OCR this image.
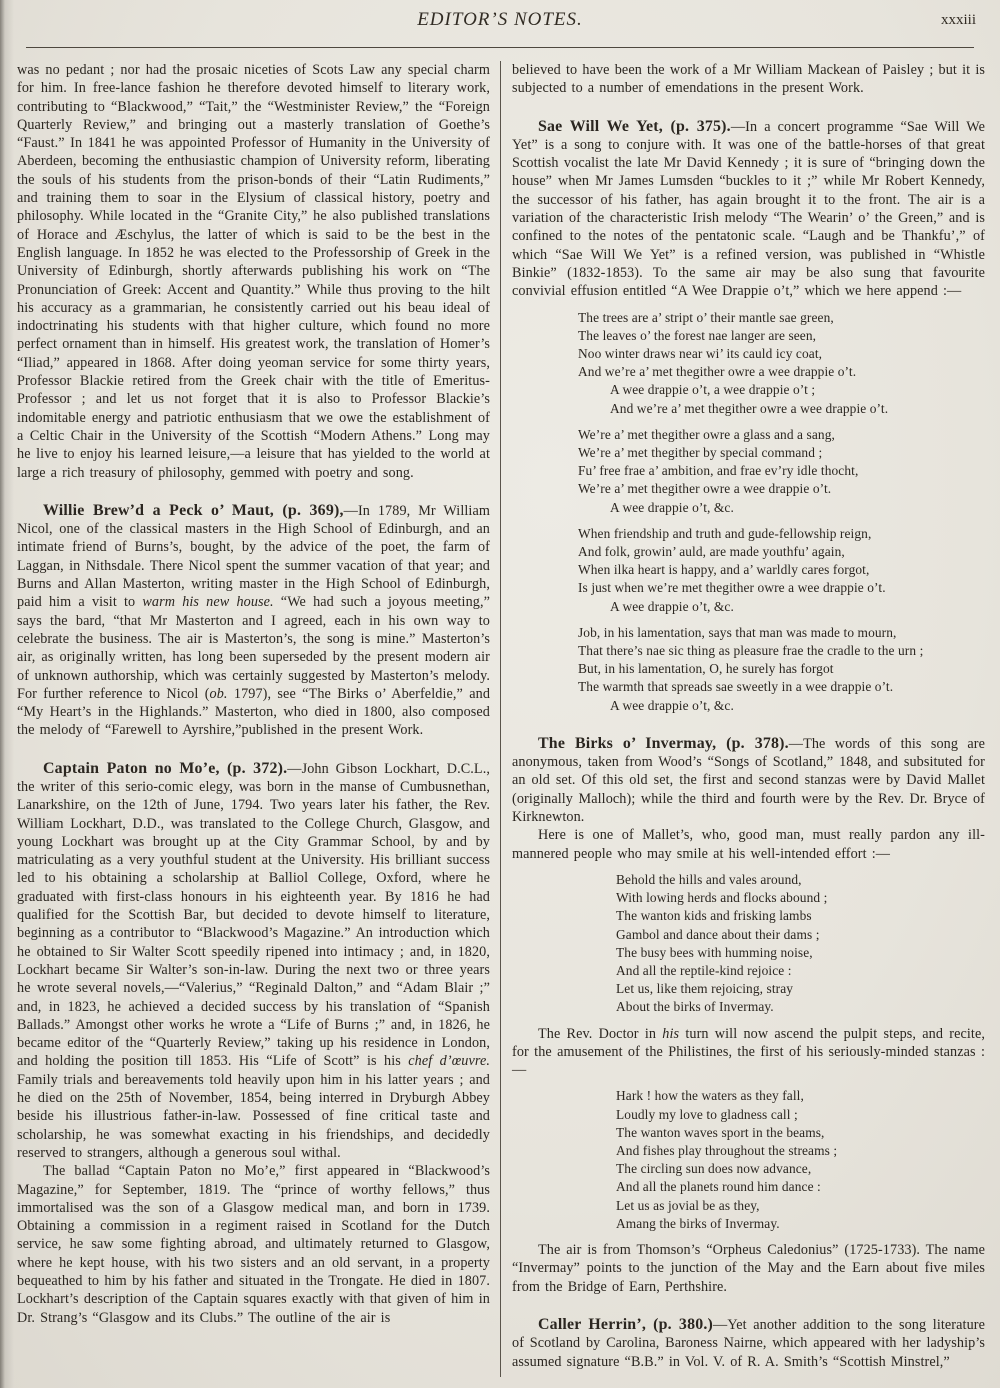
EDITOR’S NOTES.	xxxiii

was no pedant ; nor had the prosaic niceties of Scots Law any special charm for him. In free-lance fashion he therefore devoted himself to literary work, contributing to “Blackwood,” “Tait,” the “Westminister Review,” the “Foreign Quarterly Review,” and bringing out a masterly translation of Goethe’s “Faust.” In 1841 he was appointed Professor of Humanity in the University of Aberdeen, becoming the enthusiastic champion of University reform, liberating the souls of his students from the prison-bonds of their “Latin Rudiments,” and training them to soar in the Elysium of classical history, poetry and philosophy. While located in the “Granite City,” he also published translations of Horace and Æschylus, the latter of which is said to be the best in the English language. In 1852 he was elected to the Professorship of Greek in the University of Edinburgh, shortly afterwards publishing his work on “The Pronunciation of Greek: Accent and Quantity.” While thus proving to the hilt his accuracy as a grammarian, he consistently carried out his beau ideal of indoctrinating his students with that higher culture, which found no more perfect ornament than in himself. His greatest work, the translation of Homer’s “Iliad,” appeared in 1868. After doing yeoman service for some thirty years, Professor Blackie retired from the Greek chair with the title of Emeritus-Professor ; and let us not forget that it is also to Professor Blackie’s indomitable energy and patriotic enthusiasm that we owe the establishment of a Celtic Chair in the University of the Scottish “Modern Athens.” Long may he live to enjoy his learned leisure,—a leisure that has yielded to the world at large a rich treasury of philosophy, gemmed with poetry and song.

Willie Brew’d a Peck o’ Maut, (p. 369),—In 1789, Mr William Nicol, one of the classical masters in the High School of Edinburgh, and an intimate friend of Burns’s, bought, by the advice of the poet, the farm of Laggan, in Nithsdale. There Nicol spent the summer vacation of that year; and Burns and Allan Masterton, writing master in the High School of Edinburgh, paid him a visit to warm his new house. “We had such a joyous meeting,” says the bard, “that Mr Masterton and I agreed, each in his own way to celebrate the business. The air is Masterton’s, the song is mine.” Masterton’s air, as originally written, has long been superseded by the present modern air of unknown authorship, which was certainly suggested by Masterton’s melody. For further reference to Nicol (ob. 1797), see “The Birks o’ Aberfeldie,” and “My Heart’s in the Highlands.” Masterton, who died in 1800, also composed the melody of “Farewell to Ayrshire,”published in the present Work.

Captain Paton no Mo’e, (p. 372).—John Gibson Lockhart, D.C.L., the writer of this serio-comic elegy, was born in the manse of Cumbusnethan, Lanarkshire, on the 12th of June, 1794. Two years later his father, the Rev. William Lockhart, D.D., was translated to the College Church, Glasgow, and young Lockhart was brought up at the City Grammar School, by and by matriculating as a very youthful student at the University. His brilliant success led to his obtaining a scholarship at Balliol College, Oxford, where he graduated with first-class honours in his eighteenth year. By 1816 he had qualified for the Scottish Bar, but decided to devote himself to literature, beginning as a contributor to “Blackwood’s Magazine.” An introduction which he obtained to Sir Walter Scott speedily ripened into intimacy ; and, in 1820, Lockhart became Sir Walter’s son-in-law. During the next two or three years he wrote several novels,—“Valerius,” “Reginald Dalton,” and “Adam Blair ;” and, in 1823, he achieved a decided success by his translation of “Spanish Ballads.” Amongst other works he wrote a “Life of Burns ;” and, in 1826, he became editor of the “Quarterly Review,” taking up his residence in London, and holding the position till 1853. His “Life of Scott” is his chef d’œuvre. Family trials and bereavements told heavily upon him in his latter years ; and he died on the 25th of November, 1854, being interred in Dryburgh Abbey beside his illustrious father-in-law. Possessed of fine critical taste and scholarship, he was somewhat exacting in his friendships, and decidedly reserved to strangers, although a generous soul withal.

The ballad “Captain Paton no Mo’e,” first appeared in “Blackwood’s Magazine,” for September, 1819. The “prince of worthy fellows,” thus immortalised was the son of a Glasgow medical man, and born in 1739. Obtaining a commission in a regiment raised in Scotland for the Dutch service, he saw some fighting abroad, and ultimately returned to Glasgow, where he kept house, with his two sisters and an old servant, in a property bequeathed to him by his father and situated in the Trongate. He died in 1807. Lockhart’s description of the Captain squares exactly with that given of him in Dr. Strang’s “Glasgow and its Clubs.” The outline of the air is

believed to have been the work of a Mr William Mackean of Paisley ; but it is subjected to a number of emendations in the present Work.

Sae Will We Yet, (p. 375).—In a concert programme “Sae Will We Yet” is a song to conjure with. It was one of the battle-horses of that great Scottish vocalist the late Mr David Kennedy ; it is sure of “bringing down the house” when Mr James Lumsden “buckles to it ;” while Mr Robert Kennedy, the successor of his father, has again brought it to the front. The air is a variation of the characteristic Irish melody “The Wearin’ o’ the Green,” and is confined to the notes of the pentatonic scale. “Laugh and be Thankfu’,” of which “Sae Will We Yet” is a refined version, was published in “Whistle Binkie” (1832-1853). To the same air may be also sung that favourite convivial effusion entitled “A Wee Drappie o’t,” which we here append :—

The trees are a’ stript o’ their mantle sae green,
The leaves o’ the forest nae langer are seen,
Noo winter draws near wi’ its cauld icy coat,
And we’re a’ met thegither owre a wee drappie o’t.
A wee drappie o’t, a wee drappie o’t ;
And we’re a’ met thegither owre a wee drappie o’t.
We’re a’ met thegither owre a glass and a sang,
We’re a’ met thegither by special command ;
Fu’ free frae a’ ambition, and frae ev’ry idle thocht,
We’re a’ met thegither owre a wee drappie o’t.
A wee drappie o’t, &c.
When friendship and truth and gude-fellowship reign,
And folk, growin’ auld, are made youthfu’ again,
When ilka heart is happy, and a’ warldly cares forgot,
Is just when we’re met thegither owre a wee drappie o’t.
A wee drappie o’t, &c.
Job, in his lamentation, says that man was made to mourn,
That there’s nae sic thing as pleasure frae the cradle to the urn ;
But, in his lamentation, O, he surely has forgot
The warmth that spreads sae sweetly in a wee drappie o’t.
A wee drappie o’t, &c.

The Birks o’ Invermay, (p. 378).—The words of this song are anonymous, taken from Wood’s “Songs of Scotland,” 1848, and subsituted for an old set. Of this old set, the first and second stanzas were by David Mallet (originally Malloch); while the third and fourth were by the Rev. Dr. Bryce of Kirknewton.

Here is one of Mallet’s, who, good man, must really pardon any ill-mannered people who may smile at his well-intended effort :—

Behold the hills and vales around,
With lowing herds and flocks abound ;
The wanton kids and frisking lambs
Gambol and dance about their dams ;
The busy bees with humming noise,
And all the reptile-kind rejoice :
Let us, like them rejoicing, stray
About the birks of Invermay.

The Rev. Doctor in his turn will now ascend the pulpit steps, and recite, for the amusement of the Philistines, the first of his seriously-minded stanzas :—

Hark ! how the waters as they fall,
Loudly my love to gladness call ;
The wanton waves sport in the beams,
And fishes play throughout the streams ;
The circling sun does now advance,
And all the planets round him dance :
Let us as jovial be as they,
Amang the birks of Invermay.

The air is from Thomson’s “Orpheus Caledonius” (1725-1733). The name “Invermay” points to the junction of the May and the Earn about five miles from the Bridge of Earn, Perthshire.

Caller Herrin’, (p. 380.)—Yet another addition to the song literature of Scotland by Carolina, Baroness Nairne, which appeared with her ladyship’s assumed signature “B.B.” in Vol. V. of R. A. Smith’s “Scottish Minstrel,”
